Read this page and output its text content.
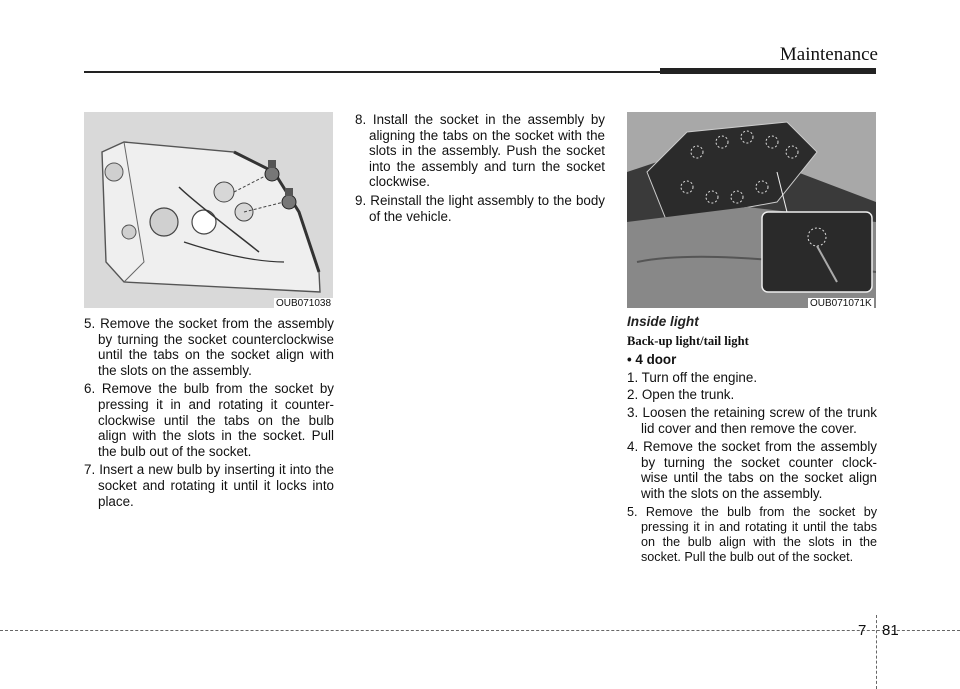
Maintenance
OUB071038	OUB071071K

5. Remove the socket from the assembly by turning the socket counterclockwise until the tabs on the socket align with the slots on the assembly.

6. Remove the bulb from the socket by pressing it in and rotating it counter-clockwise until the tabs on the bulb align with the slots in the socket. Pull the bulb out of the socket.

7. Insert a new bulb by inserting it into the socket and rotating it until it locks into place.

8. Install the socket in the assembly by aligning the tabs on the socket with the slots in the assembly. Push the socket into the assembly and turn the socket clockwise.

9. Reinstall the light assembly to the body of the vehicle.

Inside light

Back-up light/tail light

• 4 door

1. Turn off the engine.

2. Open the trunk.

3. Loosen the retaining screw of the trunk lid cover and then remove the cover.

4. Remove the socket from the assembly by turning the socket counter clock-wise until the tabs on the socket align with the slots on the assembly.

5. Remove the bulb from the socket by pressing it in and rotating it until the tabs on the bulb align with the slots in the socket. Pull the bulb out of the socket.

7 81
